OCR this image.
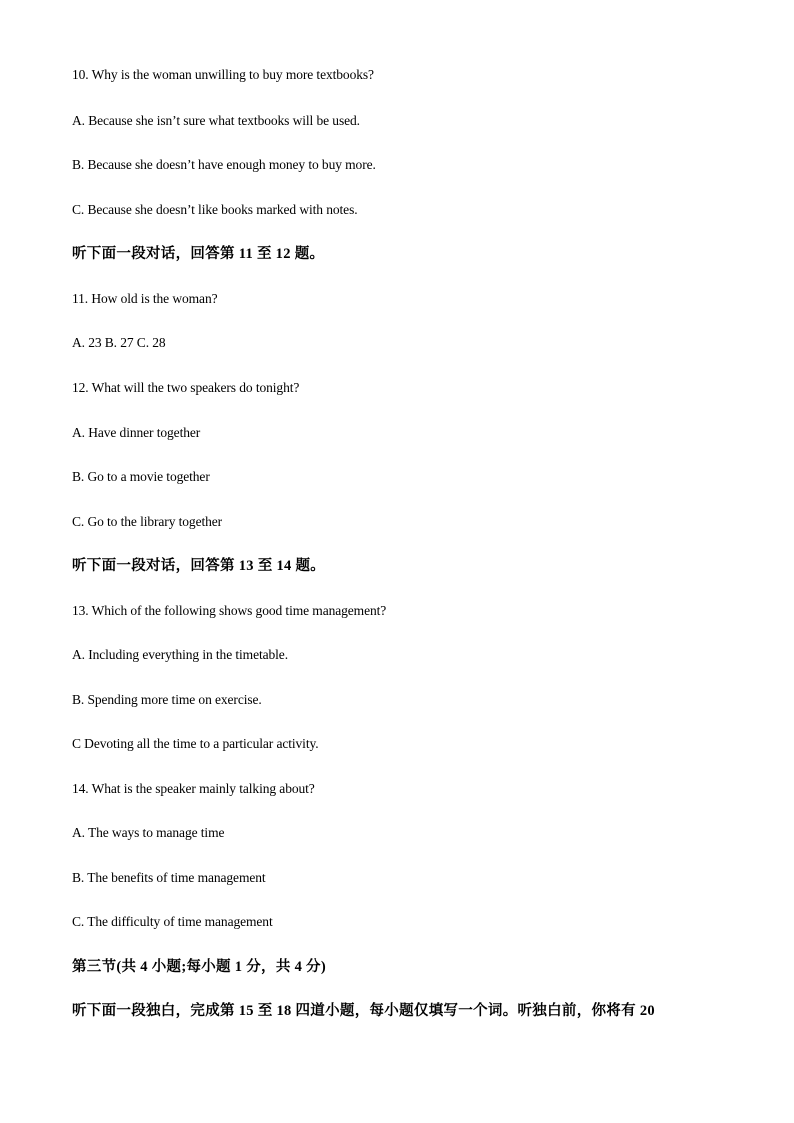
10. Why is the woman unwilling to buy more textbooks?
A. Because she isn’t sure what textbooks will be used.
B. Because she doesn’t have enough money to buy more.
C. Because she doesn’t like books marked with notes.
听下面一段对话，回答第 11 至 12 题。
11. How old is the woman?
A. 23 B. 27 C. 28
12. What will the two speakers do tonight?
A. Have dinner together
B. Go to a movie together
C. Go to the library together
听下面一段对话，回答第 13 至 14 题。
13. Which of the following shows good time management?
A. Including everything in the timetable.
B. Spending more time on exercise.
C Devoting all the time to a particular activity.
14. What is the speaker mainly talking about?
A. The ways to manage time
B. The benefits of time management
C. The difficulty of time management
第三节(共 4 小题;每小题 1 分，共 4 分)
听下面一段独白，完成第 15 至 18 四道小题，每小题仅填写一个词。听独白前，你将有 20
